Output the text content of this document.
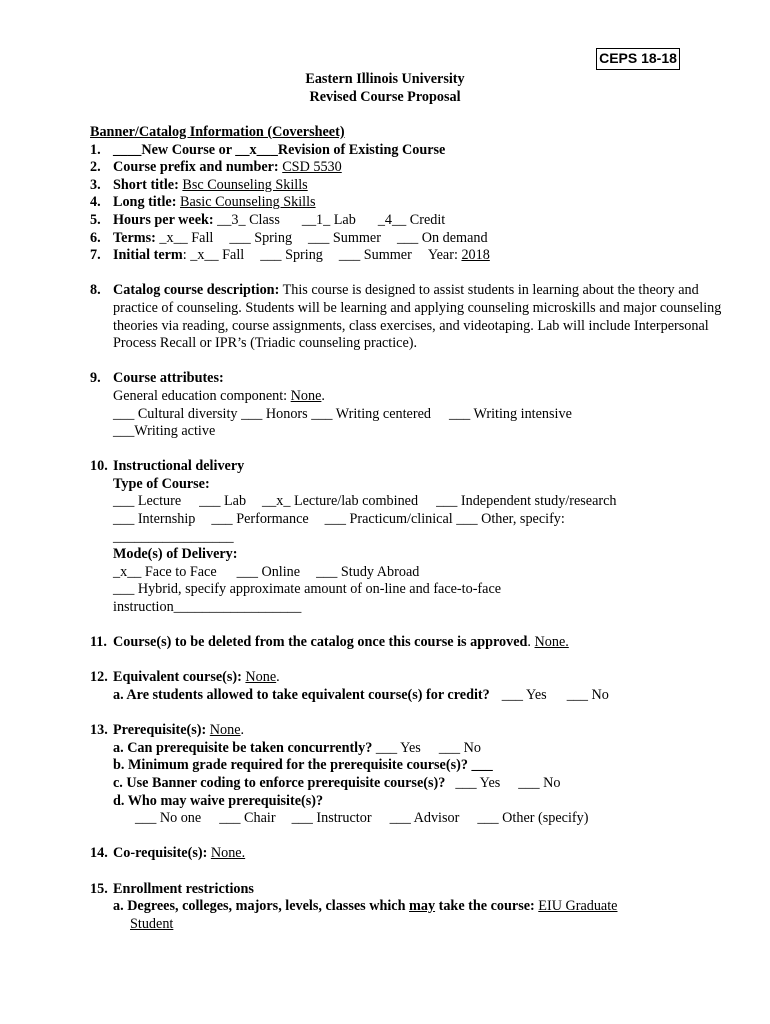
CEPS 18-18
Eastern Illinois University
Revised Course Proposal
Banner/Catalog Information (Coversheet)
1. ____New Course or __x___Revision of Existing Course
2. Course prefix and number: CSD 5530
3. Short title: Bsc Counseling Skills
4. Long title: Basic Counseling Skills
5. Hours per week: __3_ Class __1_ Lab _4__ Credit
6. Terms: _x__ Fall ___ Spring ___ Summer ___ On demand
7. Initial term: _x__ Fall ___ Spring ___ Summer Year: 2018
8. Catalog course description: This course is designed to assist students in learning about the theory and practice of counseling. Students will be learning and applying counseling microskills and major counseling theories via reading, course assignments, class exercises, and videotaping. Lab will include Interpersonal Process Recall or IPR’s (Triadic counseling practice).
9. Course attributes:
General education component: None.
___ Cultural diversity ___ Honors ___ Writing centered ___ Writing intensive
___Writing active
10. Instructional delivery
Type of Course:
___ Lecture ___ Lab __x_ Lecture/lab combined ___ Independent study/research
___ Internship ___ Performance ___ Practicum/clinical ___ Other, specify:
_________________
Mode(s) of Delivery:
_x__ Face to Face ___ Online ___ Study Abroad
___ Hybrid, specify approximate amount of on-line and face-to-face
instruction__________________
11. Course(s) to be deleted from the catalog once this course is approved. None.
12. Equivalent course(s): None.
a. Are students allowed to take equivalent course(s) for credit? ___ Yes ___ No
13. Prerequisite(s): None.
a. Can prerequisite be taken concurrently? ___ Yes ___ No
b. Minimum grade required for the prerequisite course(s)? ___
c. Use Banner coding to enforce prerequisite course(s)? ___ Yes ___ No
d. Who may waive prerequisite(s)?
___ No one ___ Chair ___ Instructor ___ Advisor ___ Other (specify)
14. Co-requisite(s): None.
15. Enrollment restrictions
a. Degrees, colleges, majors, levels, classes which may take the course: EIU Graduate
Student
